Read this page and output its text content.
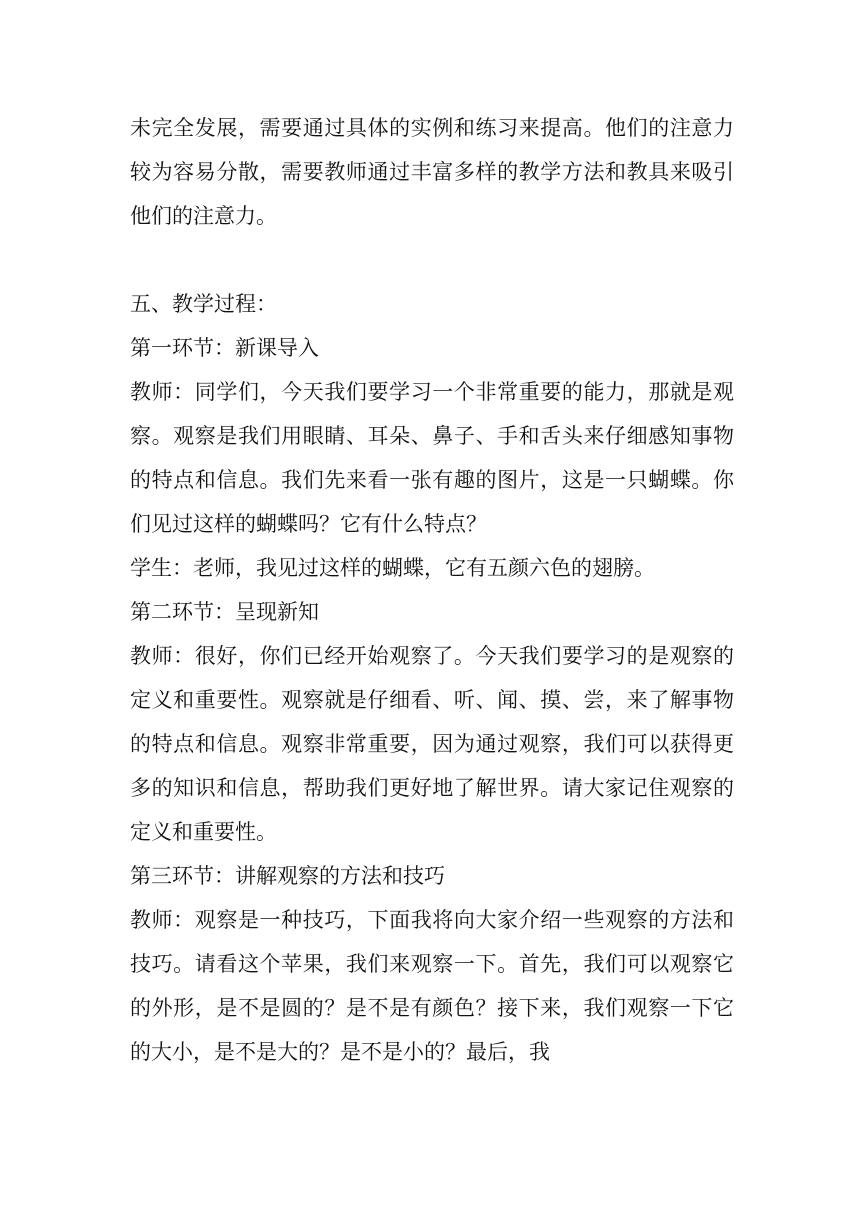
未完全发展，需要通过具体的实例和练习来提高。他们的注意力较为容易分散，需要教师通过丰富多样的教学方法和教具来吸引他们的注意力。

五、教学过程：

第一环节：新课导入

教师：同学们，今天我们要学习一个非常重要的能力，那就是观察。观察是我们用眼睛、耳朵、鼻子、手和舌头来仔细感知事物的特点和信息。我们先来看一张有趣的图片，这是一只蝴蝶。你们见过这样的蝴蝶吗？它有什么特点？

学生：老师，我见过这样的蝴蝶，它有五颜六色的翅膀。

第二环节：呈现新知

教师：很好，你们已经开始观察了。今天我们要学习的是观察的定义和重要性。观察就是仔细看、听、闻、摸、尝，来了解事物的特点和信息。观察非常重要，因为通过观察，我们可以获得更多的知识和信息，帮助我们更好地了解世界。请大家记住观察的定义和重要性。

第三环节：讲解观察的方法和技巧

教师：观察是一种技巧，下面我将向大家介绍一些观察的方法和技巧。请看这个苹果，我们来观察一下。首先，我们可以观察它的外形，是不是圆的？是不是有颜色？接下来，我们观察一下它的大小，是不是大的？是不是小的？最后，我
